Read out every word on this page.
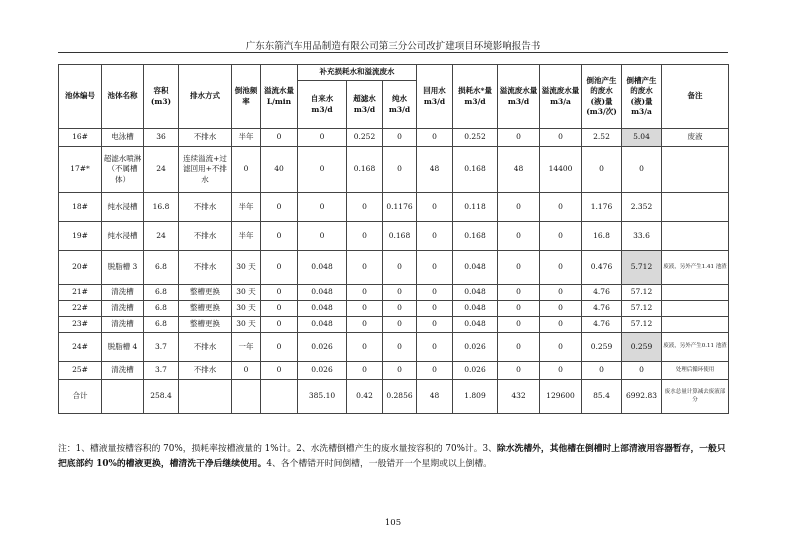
广东东箭汽车用品制造有限公司第三分公司改扩建项目环境影响报告书
池体编号	池体名称	容积(m3)	排水方式	倒池频率	溢流水量 L/min	补充损耗水和溢流废水			回用水 m3/d	损耗水*量 m3/d	溢流废水量 m3/d	溢流废水量 m3/a	倒池产生的废水(液)量 (m3/次)	倒槽产生的废水(液)量 m3/a	备注
						自来水 m3/d	超滤水 m3/d	纯水 m3/d							
16#	电泳槽	36	不排水	半年	0	0	0.252	0	0	0.252	0	0	2.52	5.04	废液
17#*	超滤水喷淋（不属槽体）	24	连续溢流+过滤回用+不排水	0	40	0	0.168	0	48	0.168	48	14400	0	0	
18#	纯水浸槽	16.8	不排水	半年	0	0	0	0.1176	0	0.118	0	0	1.176	2.352	
19#	纯水浸槽	24	不排水	半年	0	0	0	0.168	0	0.168	0	0	16.8	33.6	
20#	脱脂槽 3	6.8	不排水	30 天	0	0.048	0	0	0	0.048	0	0	0.476	5.712	废液，另外产生1.41 池渣
21#	清洗槽	6.8	整槽更换	30 天	0	0.048	0	0	0	0.048	0	0	4.76	57.12	
22#	清洗槽	6.8	整槽更换	30 天	0	0.048	0	0	0	0.048	0	0	4.76	57.12	
23#	清洗槽	6.8	整槽更换	30 天	0	0.048	0	0	0	0.048	0	0	4.76	57.12	
24#	脱脂槽 4	3.7	不排水	一年	0	0.026	0	0	0	0.026	0	0	0.259	0.259	废液，另外产生0.11 池渣
25#	清洗槽	3.7	不排水	0	0	0.026	0	0	0	0.026	0	0	0	0	处理后循环使用
合计		258.4				385.10	0.42	0.2856	48	1.809	432	129600	85.4	6992.83	废水总量计算减去废液部分
注：1、槽液量按槽容积的 70%，损耗率按槽液量的 1%计。2、水洗槽倒槽产生的废水量按容积的 70%计。3、除水洗槽外，其他槽在倒槽时上部清液用容器暂存，一般只把底部约 10%的槽液更换，槽清洗干净后继续使用。4、各个槽错开时间倒槽，一般错开一个星期或以上倒槽。
105
